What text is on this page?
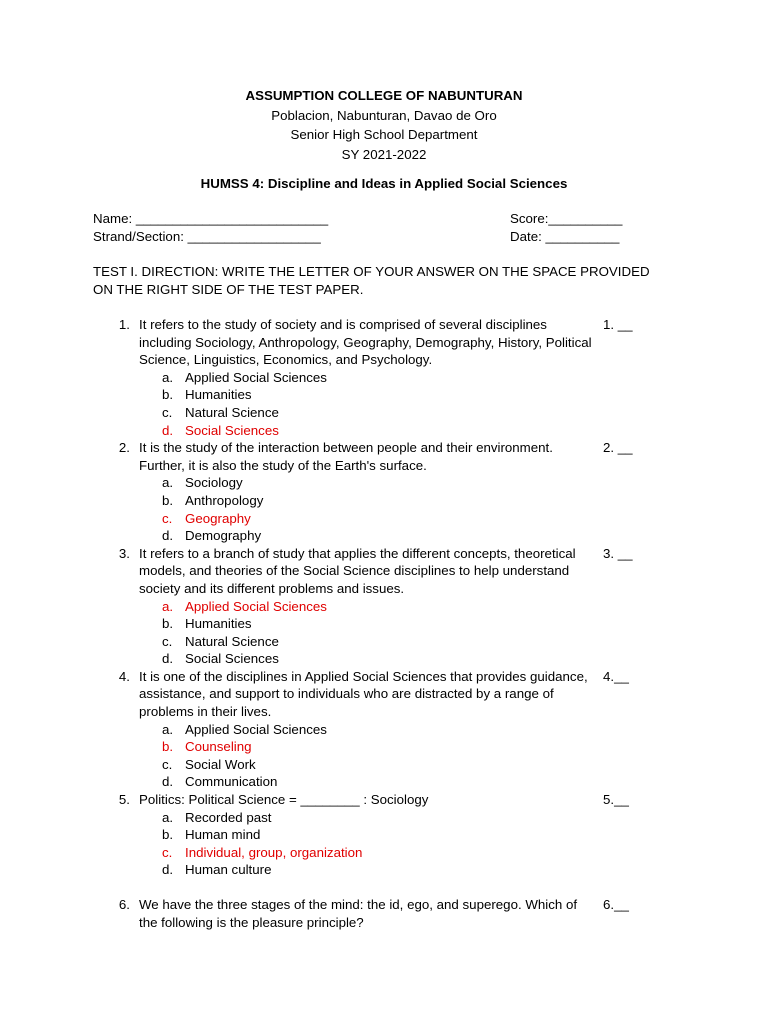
ASSUMPTION COLLEGE OF NABUNTURAN
Poblacion, Nabunturan, Davao de Oro
Senior High School Department
SY 2021-2022
HUMSS 4: Discipline and Ideas in Applied Social Sciences
Name: __________________________	Score:__________
Strand/Section: __________________	Date: __________
TEST I. DIRECTION: WRITE THE LETTER OF YOUR ANSWER ON THE SPACE PROVIDED ON THE RIGHT SIDE OF THE TEST PAPER.
1. It refers to the study of society and is comprised of several disciplines including Sociology, Anthropology, Geography, Demography, History, Political Science, Linguistics, Economics, and Psychology.
1. __
a. Applied Social Sciences
b. Humanities
c. Natural Science
d. Social Sciences
2. It is the study of the interaction between people and their environment. Further, it is also the study of the Earth's surface.
2. __
a. Sociology
b. Anthropology
c. Geography
d. Demography
3. It refers to a branch of study that applies the different concepts, theoretical models, and theories of the Social Science disciplines to help understand society and its different problems and issues.
3. __
a. Applied Social Sciences
b. Humanities
c. Natural Science
d. Social Sciences
4. It is one of the disciplines in Applied Social Sciences that provides guidance, assistance, and support to individuals who are distracted by a range of problems in their lives.
4.__
a. Applied Social Sciences
b. Counseling
c. Social Work
d. Communication
5. Politics: Political Science = ________ : Sociology	5.__
a. Recorded past
b. Human mind
c. Individual, group, organization
d. Human culture
6. We have the three stages of the mind: the id, ego, and superego. Which of the following is the pleasure principle?
6.__
